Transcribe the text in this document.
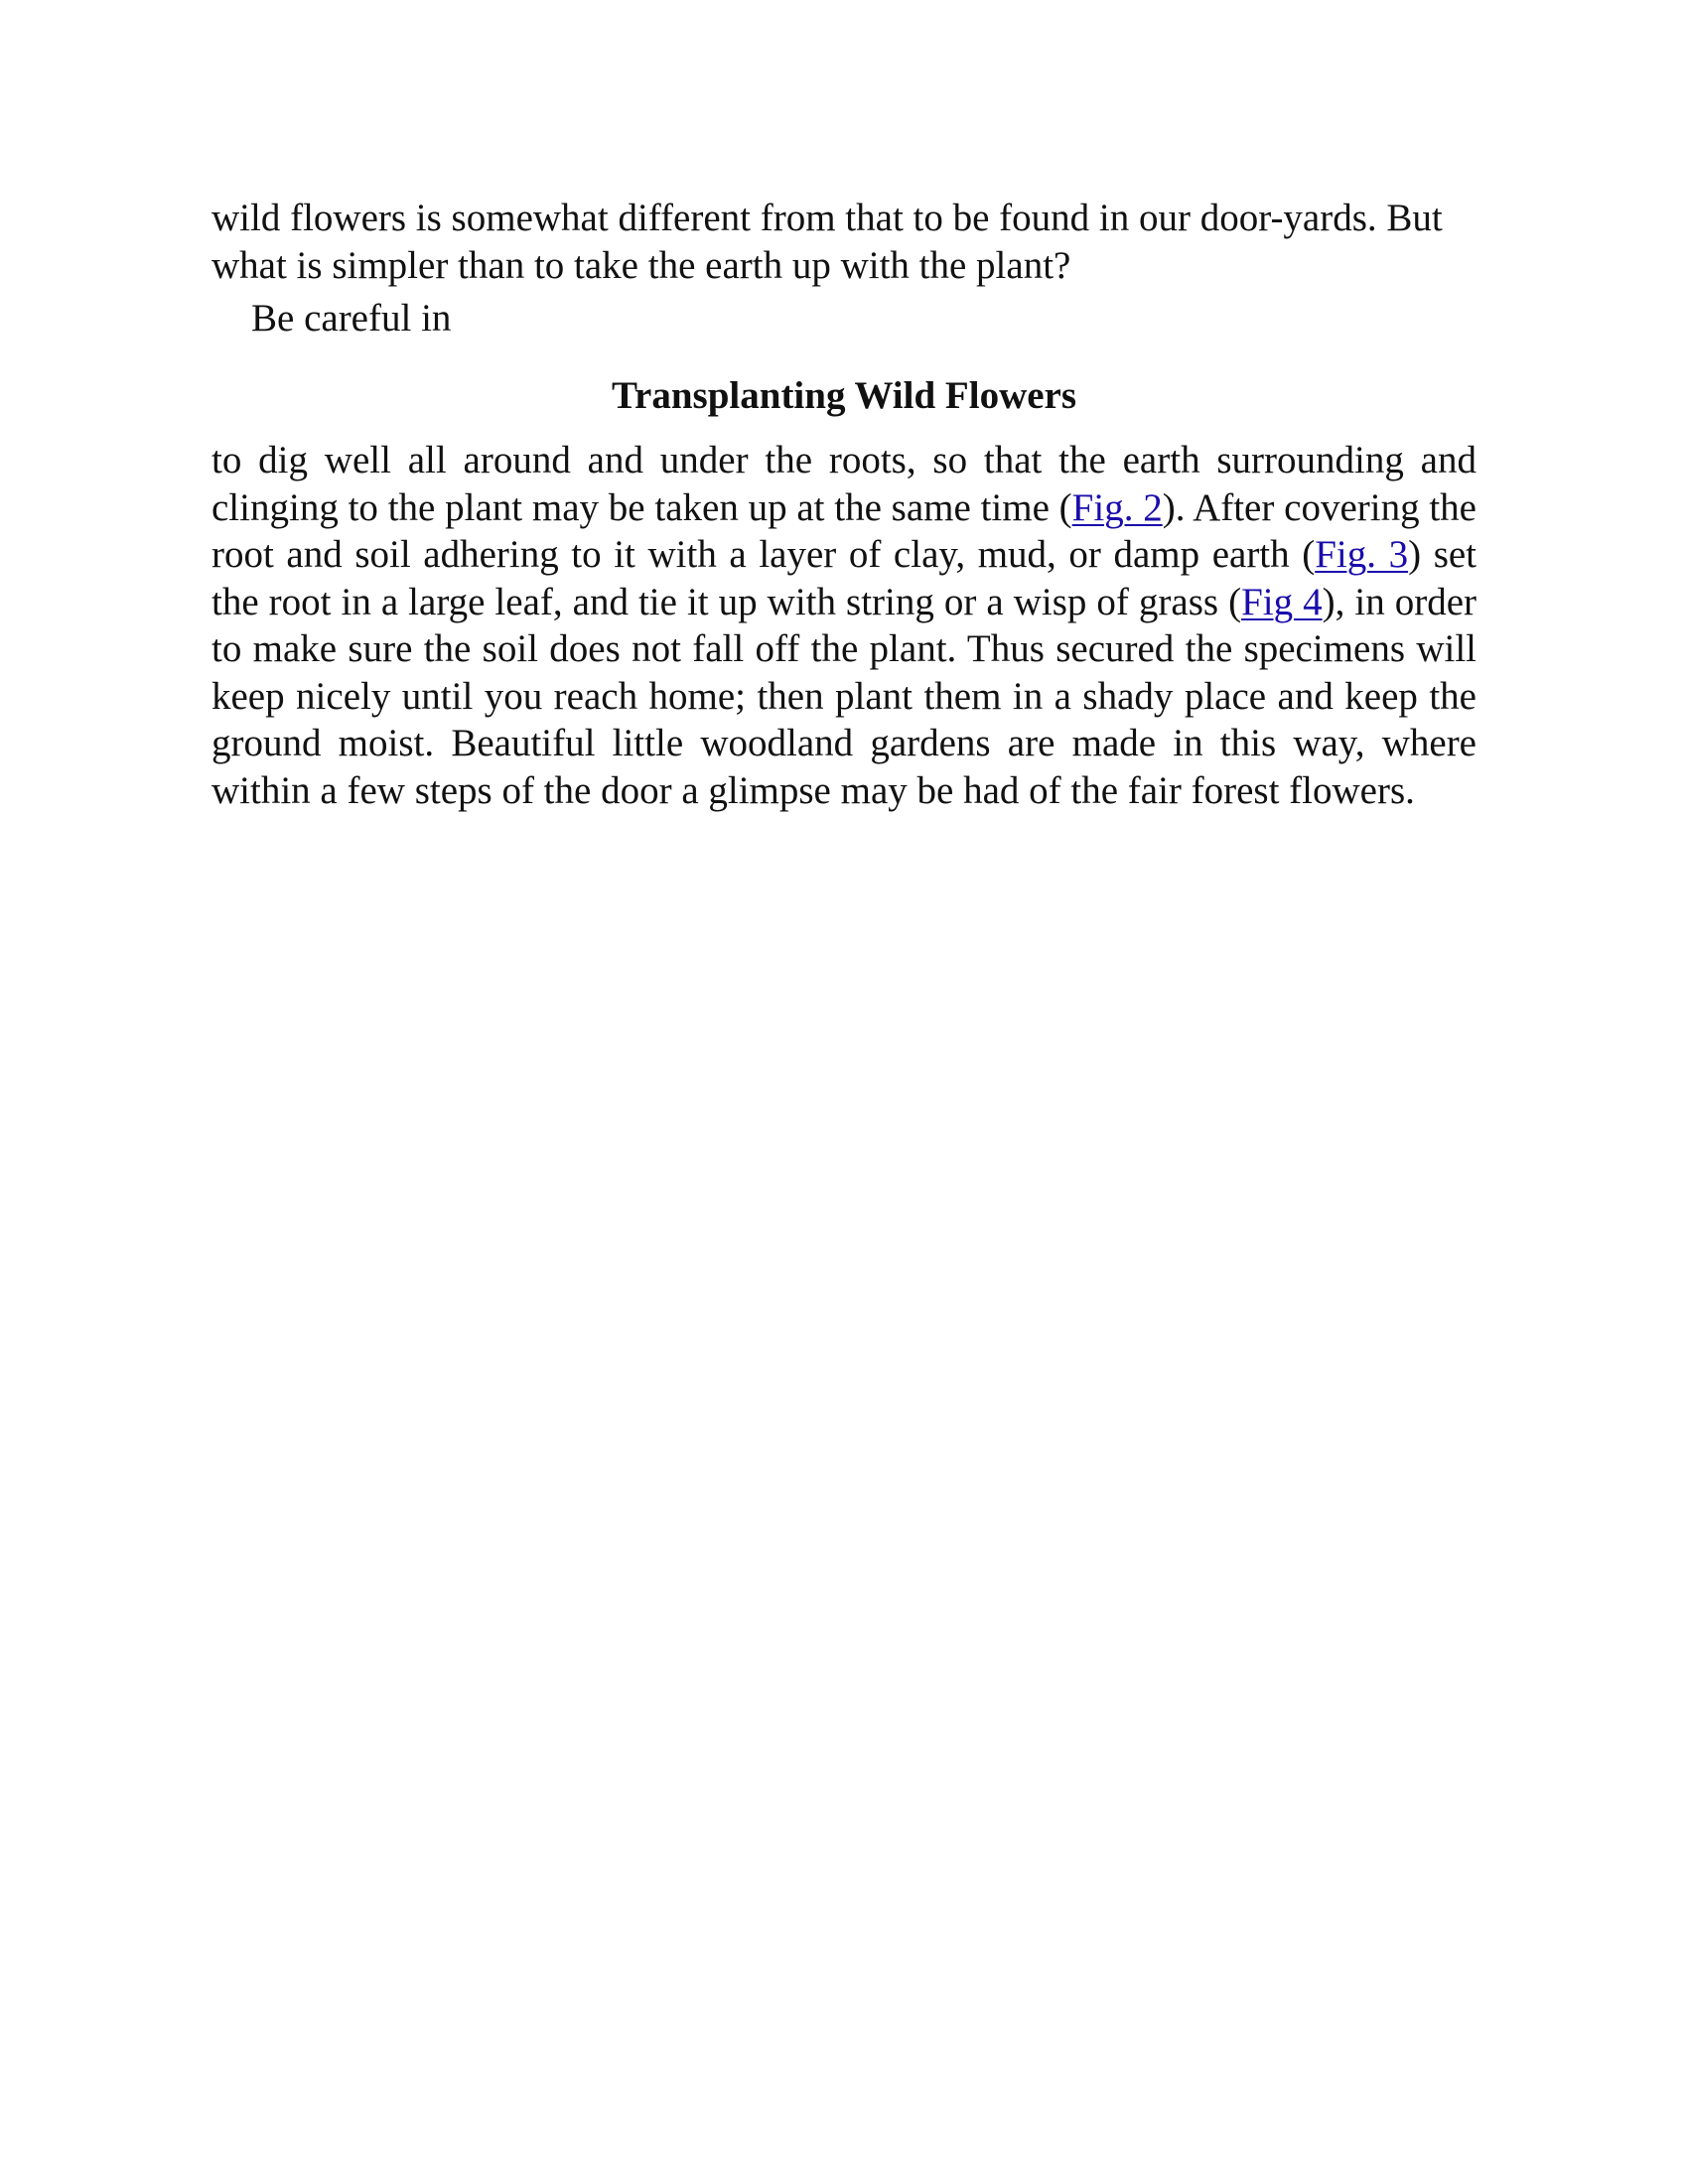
wild flowers is somewhat different from that to be found in our door-yards. But what is simpler than to take the earth up with the plant?

Be careful in

Transplanting Wild Flowers

to dig well all around and under the roots, so that the earth surrounding and clinging to the plant may be taken up at the same time (Fig. 2). After covering the root and soil adhering to it with a layer of clay, mud, or damp earth (Fig. 3) set the root in a large leaf, and tie it up with string or a wisp of grass (Fig 4), in order to make sure the soil does not fall off the plant. Thus secured the specimens will keep nicely until you reach home; then plant them in a shady place and keep the ground moist. Beautiful little woodland gardens are made in this way, where within a few steps of the door a glimpse may be had of the fair forest flowers.
